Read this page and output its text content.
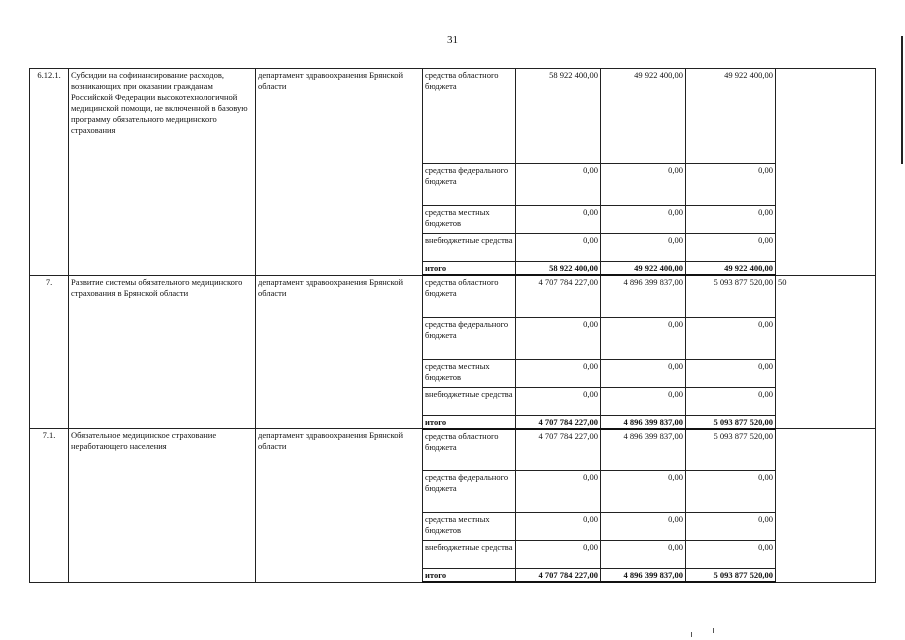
31
6.12.1.	Субсидии на софинансирование расходов, возникающих при оказании гражданам Российской Федерации высокотехнологичной медицинской помощи, не включенной в базовую программу обязательного медицинского страхования	департамент здравоохранения Брянской области	средства областного бюджета	58 922 400,00	49 922 400,00	49 922 400,00	
			средства федерального бюджета	0,00	0,00	0,00	
			средства местных бюджетов	0,00	0,00	0,00	
			внебюджетные средства	0,00	0,00	0,00	
			итого	58 922 400,00	49 922 400,00	49 922 400,00	
7.	Развитие системы обязательного медицинского страхования в Брянской области	департамент здравоохранения Брянской области	средства областного бюджета	4 707 784 227,00	4 896 399 837,00	5 093 877 520,00	50
			средства федерального бюджета	0,00	0,00	0,00	
			средства местных бюджетов	0,00	0,00	0,00	
			внебюджетные средства	0,00	0,00	0,00	
			итого	4 707 784 227,00	4 896 399 837,00	5 093 877 520,00	
7.1.	Обязательное медицинское страхование неработающего населения	департамент здравоохранения Брянской области	средства областного бюджета	4 707 784 227,00	4 896 399 837,00	5 093 877 520,00	
			средства федерального бюджета	0,00	0,00	0,00	
			средства местных бюджетов	0,00	0,00	0,00	
			внебюджетные средства	0,00	0,00	0,00	
			итого	4 707 784 227,00	4 896 399 837,00	5 093 877 520,00	
